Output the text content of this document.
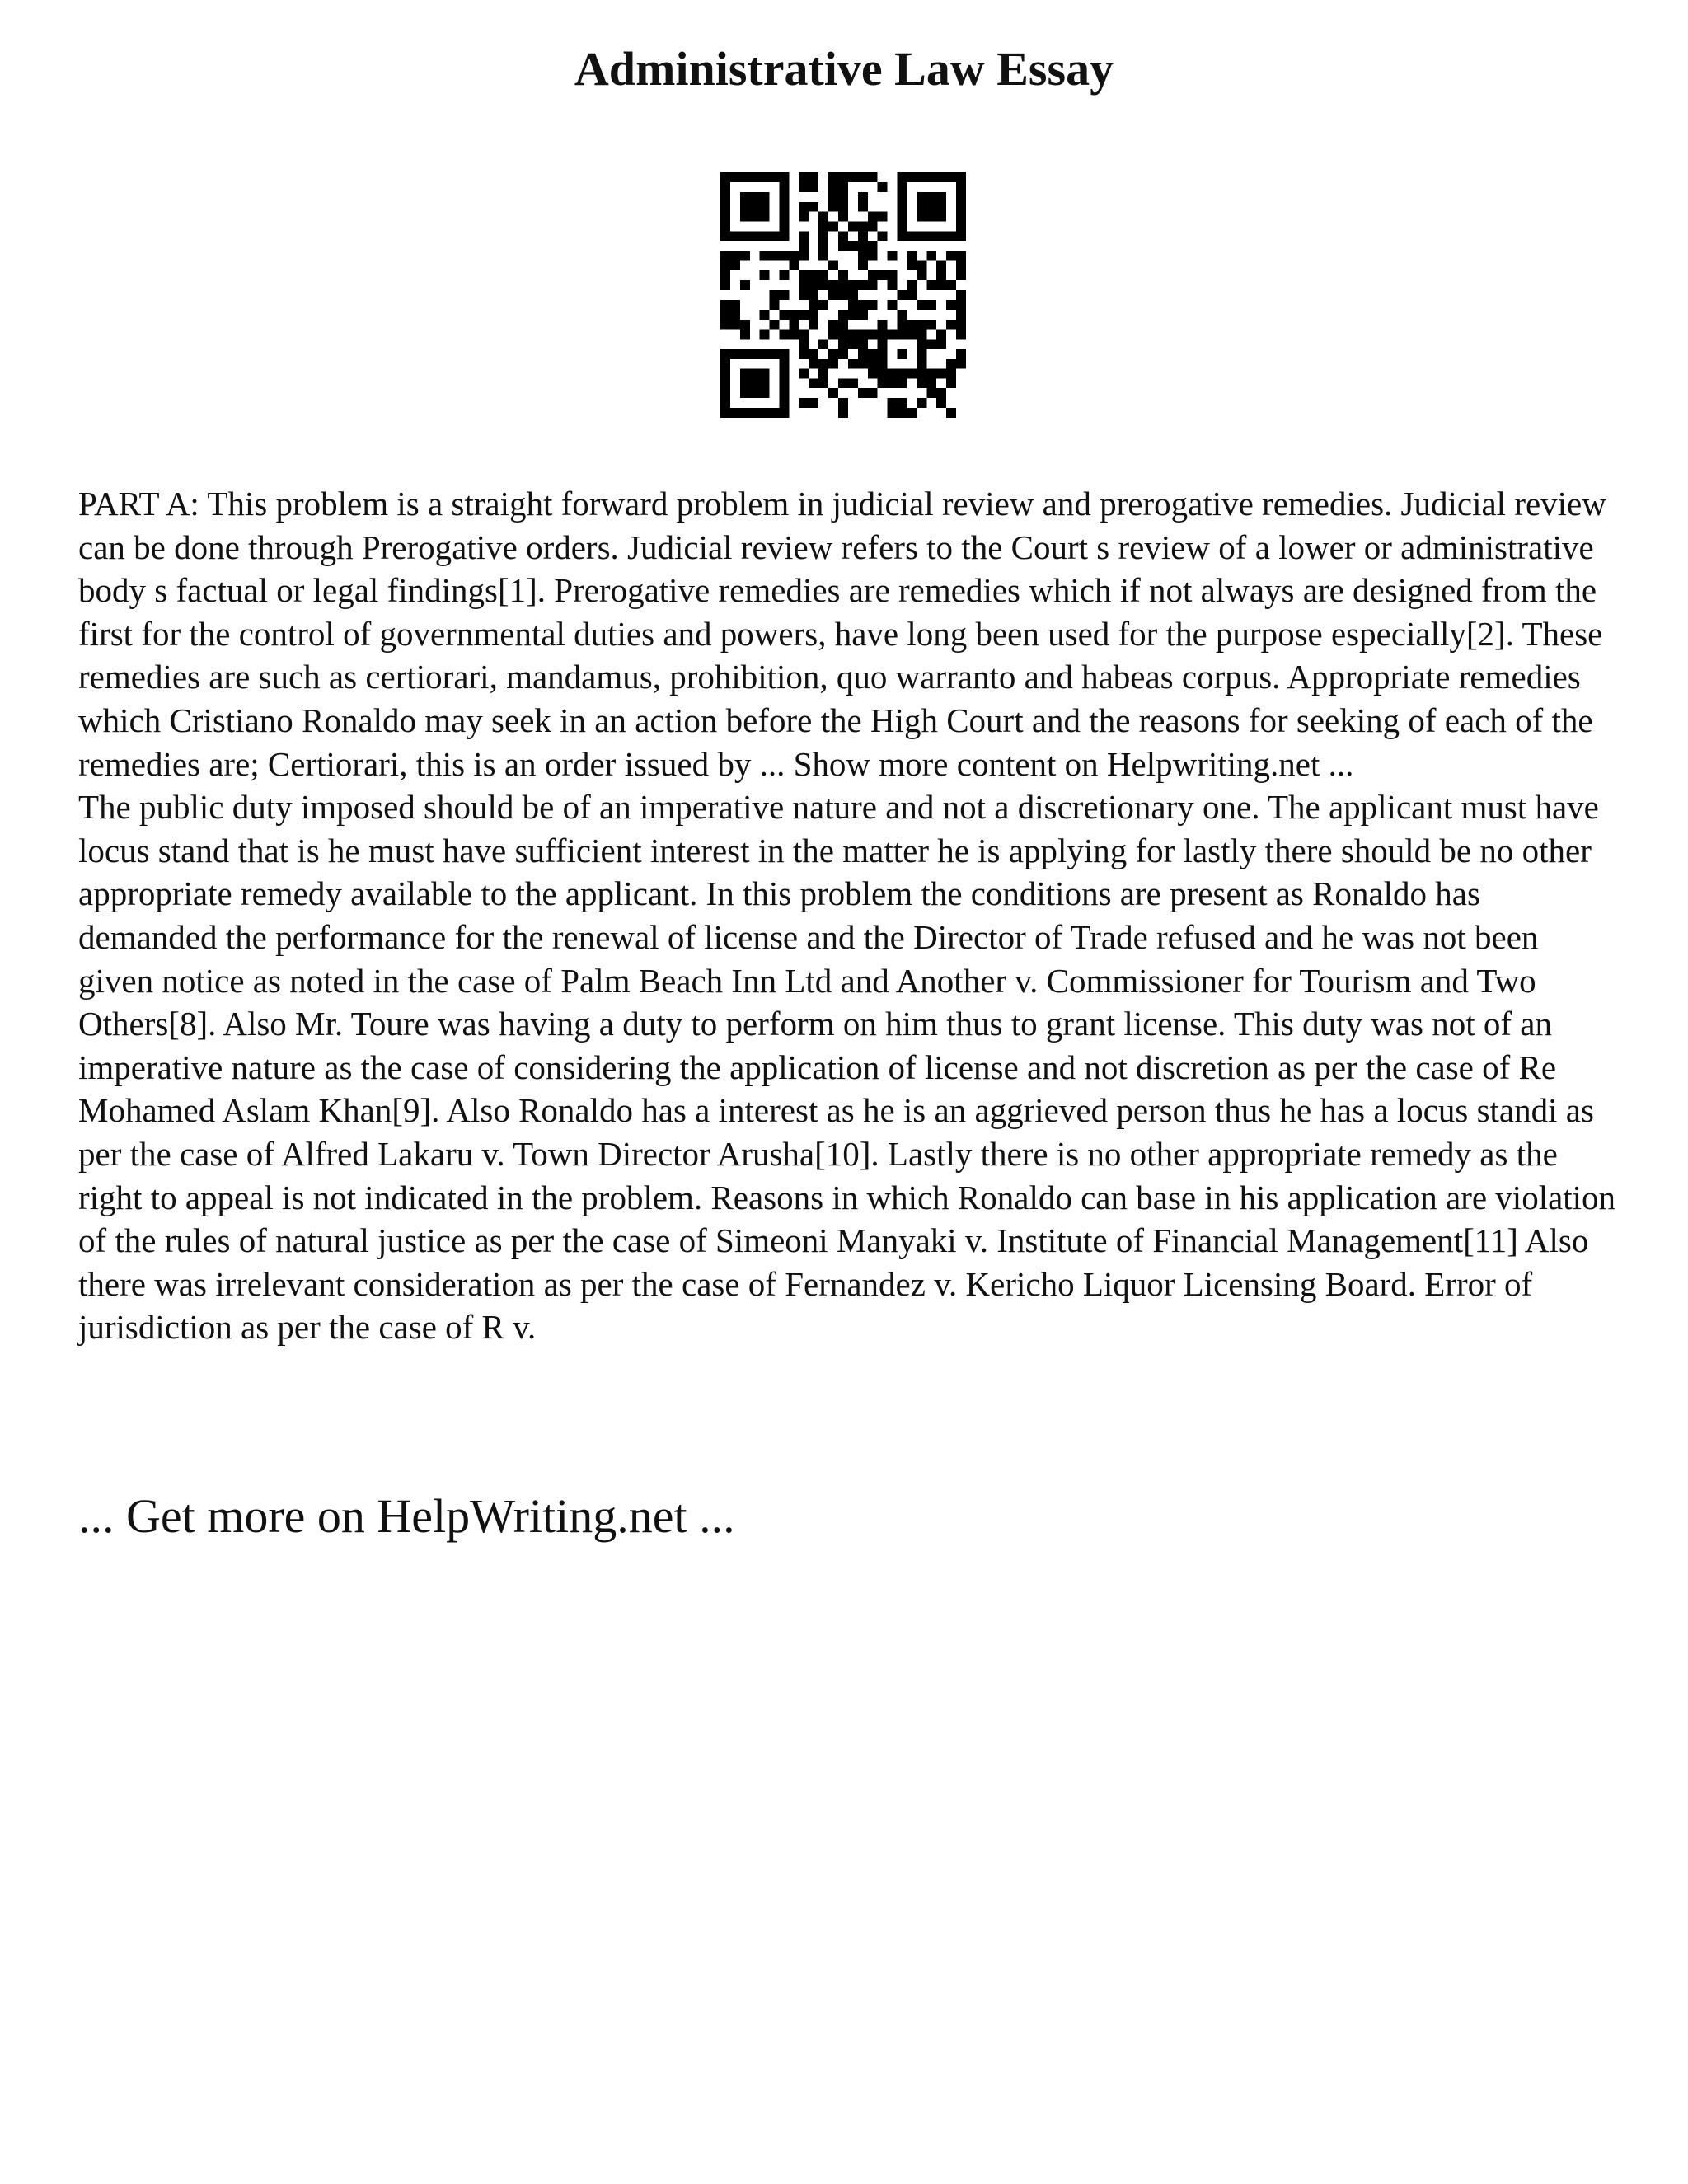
Administrative Law Essay

PART A: This problem is a straight forward problem in judicial review and prerogative remedies. Judicial review can be done through Prerogative orders. Judicial review refers to the Court s review of a lower or administrative body s factual or legal findings[1]. Prerogative remedies are remedies which if not always are designed from the first for the control of governmental duties and powers, have long been used for the purpose especially[2]. These remedies are such as certiorari, mandamus, prohibition, quo warranto and habeas corpus. Appropriate remedies which Cristiano Ronaldo may seek in an action before the High Court and the reasons for seeking of each of the remedies are; Certiorari, this is an order issued by ... Show more content on Helpwriting.net ...

The public duty imposed should be of an imperative nature and not a discretionary one. The applicant must have locus stand that is he must have sufficient interest in the matter he is applying for lastly there should be no other appropriate remedy available to the applicant. In this problem the conditions are present as Ronaldo has demanded the performance for the renewal of license and the Director of Trade refused and he was not been given notice as noted in the case of Palm Beach Inn Ltd and Another v. Commissioner for Tourism and Two Others[8]. Also Mr. Toure was having a duty to perform on him thus to grant license. This duty was not of an imperative nature as the case of considering the application of license and not discretion as per the case of Re Mohamed Aslam Khan[9]. Also Ronaldo has a interest as he is an aggrieved person thus he has a locus standi as per the case of Alfred Lakaru v. Town Director Arusha[10]. Lastly there is no other appropriate remedy as the right to appeal is not indicated in the problem. Reasons in which Ronaldo can base in his application are violation of the rules of natural justice as per the case of Simeoni Manyaki v. Institute of Financial Management[11] Also there was irrelevant consideration as per the case of Fernandez v. Kericho Liquor Licensing Board. Error of jurisdiction as per the case of R v.

... Get more on HelpWriting.net ...
